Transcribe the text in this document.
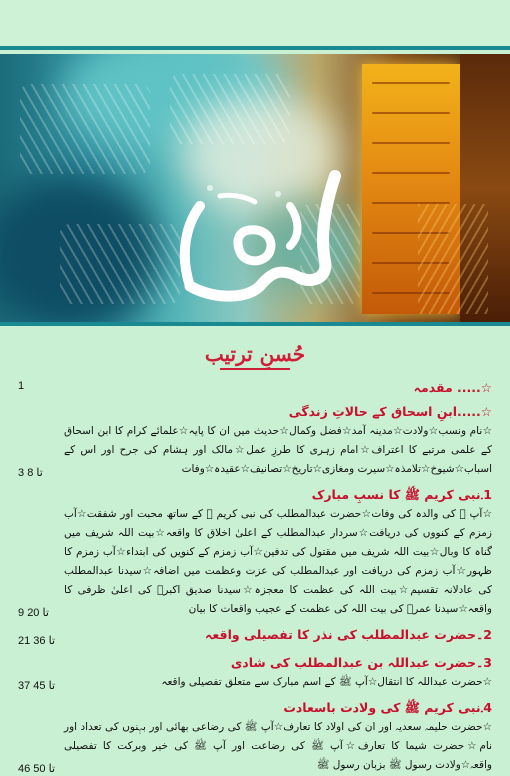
حُسنِ ترتیب
☆..... مقدمہ
1
☆.....ابنِ اسحاق کے حالاتِ زندگی
☆نام ونسب☆ولادت☆مدینہ آمد☆فضل وکمال☆حدیث میں ان کا پایہ☆علمائے کرام کا ابن اسحاق کے علمی مرتبے کا اعتراف☆امام زہری کا طرزِ عمل☆مالک اور ہشام کی جرح اور اس کے اسباب☆شیوخ☆تلامذہ☆سیرت ومغازی☆تاریخ☆تصانیف☆عقیدہ☆وفات
3 تا 8
1۔نبی کریم ﷺ کا نسبِ مبارک
☆آپ ﷺ کی والدہ کی وفات☆حضرت عبدالمطلب کی نبی کریم ﷺ کے ساتھ محبت اور شفقت☆آب زمزم کے کنووں کی دریافت☆سردار عبدالمطلب کے اعلیٰ اخلاق کا واقعہ☆بیت اللہ شریف میں گناہ کا وبال☆بیت اللہ شریف میں مقتول کی تدفین☆آب زمزم کے کنویں کی ابتداء☆آب زمزم کا ظہور☆آب زمزم کی دریافت اور عبدالمطلب کی عزت وعظمت میں اضافہ☆سیدنا عبدالمطلب کی عادلانہ تقسیم☆بیت اللہ کی عظمت کا معجزہ☆سیدنا صدیق اکبرؓ کی اعلیٰ ظرفی کا واقعہ☆سیدنا عمرؓ کی بیت اللہ کی عظمت کے عجیب واقعات کا بیان
9 تا 20
2۔حضرت عبدالمطلب کی نذر کا تفصیلی واقعہ
21 تا 36
3۔حضرت عبداللہ بن عبدالمطلب کی شادی
☆حضرت عبداللہ کا انتقال☆آپ ﷺ کے اسم مبارک سے متعلق تفصیلی واقعہ
37 تا 45
4۔نبی کریم ﷺ کی ولادت باسعادت
☆حضرت حلیمہ سعدیہ اور ان کی اولاد کا تعارف☆آپ ﷺ کی رضاعی بھائی اور بہنوں کی تعداد اور نام☆حضرت شیما کا تعارف☆آپ ﷺ کی رضاعت اور آپ ﷺ کی خیر وبرکت کا تفصیلی واقعہ☆ولادت رسول ﷺ بزبان رسول ﷺ
46 تا 50
